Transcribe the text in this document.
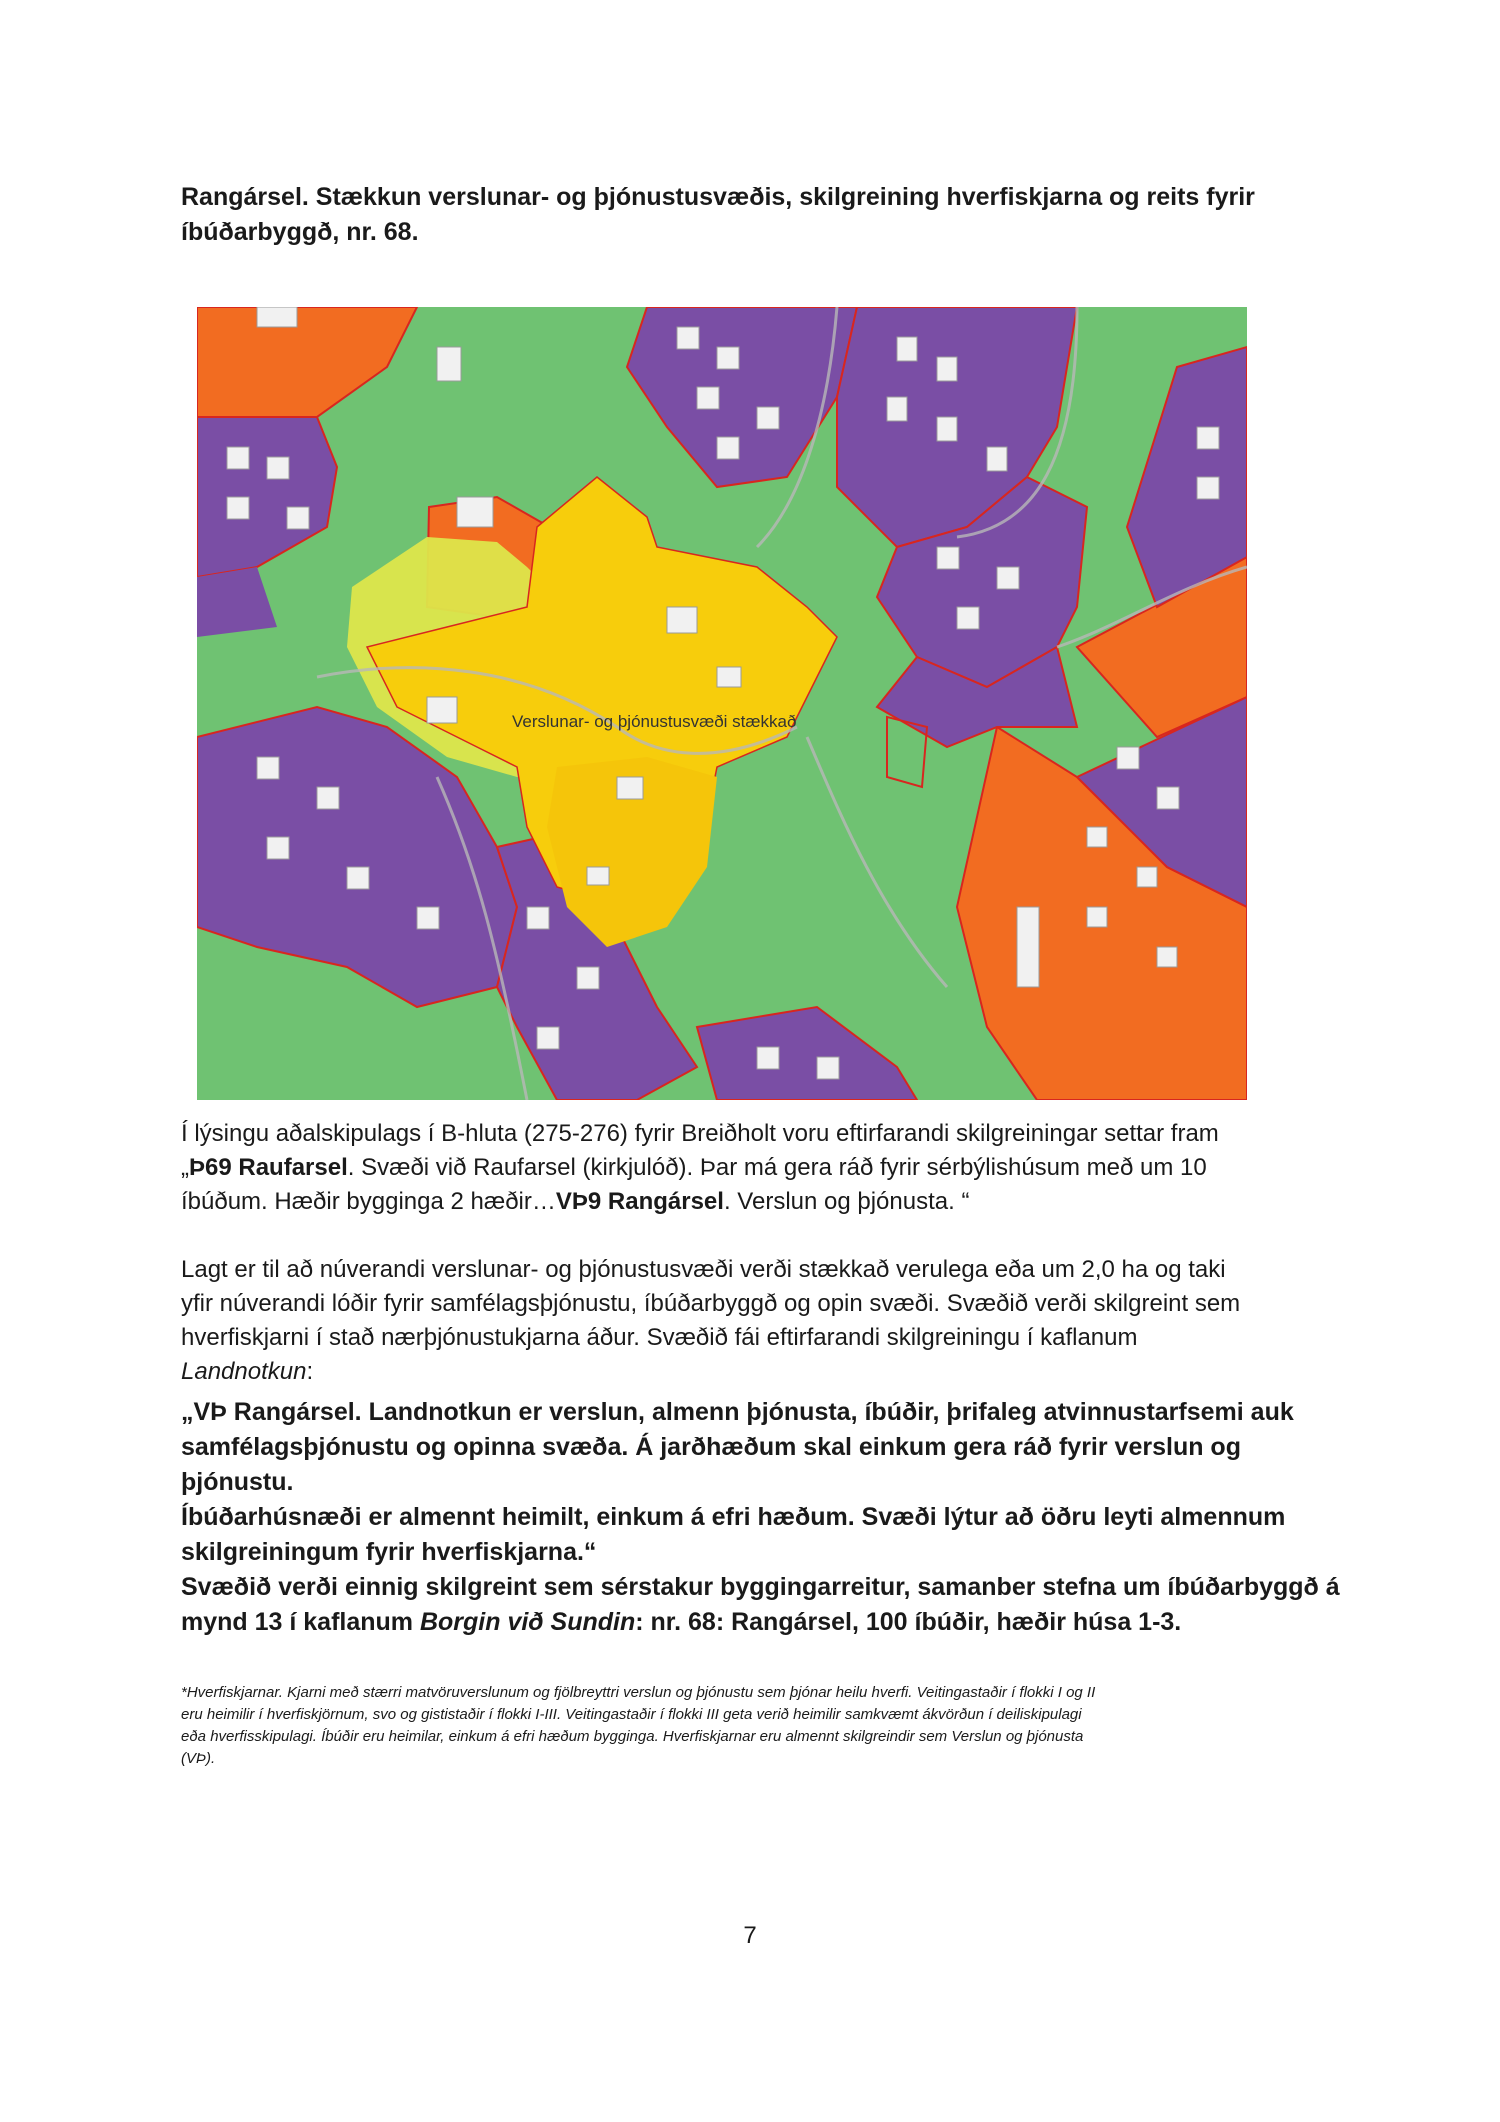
Rangársel. Stækkun verslunar- og þjónustusvæðis, skilgreining hverfiskjarna og reits fyrir
íbúðarbyggð, nr. 68.
Verslunar- og þjónustusvæði stækkað

Í lýsingu aðalskipulags í B-hluta (275-276) fyrir Breiðholt voru eftirfarandi skilgreiningar settar fram
„Þ69 Raufarsel. Svæði við Raufarsel (kirkjulóð). Þar má gera ráð fyrir sérbýlishúsum með um 10
íbúðum. Hæðir bygginga 2 hæðir…VÞ9 Rangársel. Verslun og þjónusta. “

Lagt er til að núverandi verslunar- og þjónustusvæði verði stækkað verulega eða um 2,0 ha og taki
yfir núverandi lóðir fyrir samfélagsþjónustu, íbúðarbyggð og opin svæði. Svæðið verði skilgreint sem
hverfiskjarni í stað nærþjónustukjarna áður. Svæðið fái eftirfarandi skilgreiningu í kaflanum
Landnotkun:

„VÞ Rangársel. Landnotkun er verslun, almenn þjónusta, íbúðir, þrifaleg atvinnustarfsemi auk
samfélagsþjónustu og opinna svæða. Á jarðhæðum skal einkum gera ráð fyrir verslun og þjónustu.
Íbúðarhúsnæði er almennt heimilt, einkum á efri hæðum. Svæði lýtur að öðru leyti almennum
skilgreiningum fyrir hverfiskjarna.“

Svæðið verði einnig skilgreint sem sérstakur byggingarreitur, samanber stefna um íbúðarbyggð á
mynd 13 í kaflanum Borgin við Sundin: nr. 68: Rangársel, 100 íbúðir, hæðir húsa 1-3.

*Hverfiskjarnar. Kjarni með stærri matvöruverslunum og fjölbreyttri verslun og þjónustu sem þjónar heilu hverfi. Veitingastaðir í flokki I og II
eru heimilir í hverfiskjörnum, svo og gististaðir í flokki I-III. Veitingastaðir í flokki III geta verið heimilir samkvæmt ákvörðun í deiliskipulagi
eða hverfisskipulagi. Íbúðir eru heimilar, einkum á efri hæðum bygginga. Hverfiskjarnar eru almennt skilgreindir sem Verslun og þjónusta
(VÞ).

7
